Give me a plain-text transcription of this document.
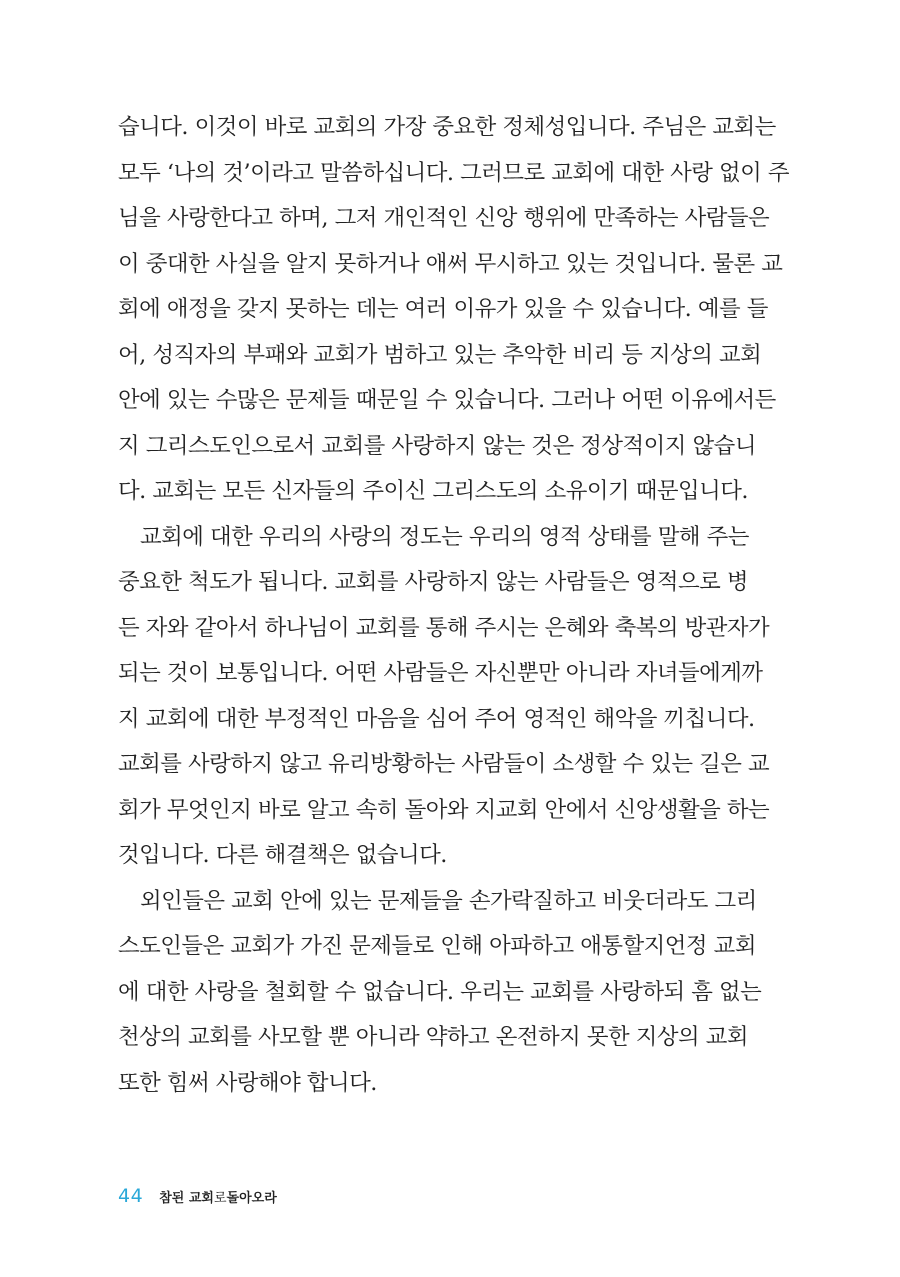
습니다. 이것이 바로 교회의 가장 중요한 정체성입니다. 주님은 교회는
모두 ‘나의 것’이라고 말씀하십니다. 그러므로 교회에 대한 사랑 없이 주
님을 사랑한다고 하며, 그저 개인적인 신앙 행위에 만족하는 사람들은
이 중대한 사실을 알지 못하거나 애써 무시하고 있는 것입니다. 물론 교
회에 애정을 갖지 못하는 데는 여러 이유가 있을 수 있습니다. 예를 들
어, 성직자의 부패와 교회가 범하고 있는 추악한 비리 등 지상의 교회
안에 있는 수많은 문제들 때문일 수 있습니다. 그러나 어떤 이유에서든
지 그리스도인으로서 교회를 사랑하지 않는 것은 정상적이지 않습니
다. 교회는 모든 신자들의 주이신 그리스도의 소유이기 때문입니다.
교회에 대한 우리의 사랑의 정도는 우리의 영적 상태를 말해 주는
중요한 척도가 됩니다. 교회를 사랑하지 않는 사람들은 영적으로 병
든 자와 같아서 하나님이 교회를 통해 주시는 은혜와 축복의 방관자가
되는 것이 보통입니다. 어떤 사람들은 자신뿐만 아니라 자녀들에게까
지 교회에 대한 부정적인 마음을 심어 주어 영적인 해악을 끼칩니다.
교회를 사랑하지 않고 유리방황하는 사람들이 소생할 수 있는 길은 교
회가 무엇인지 바로 알고 속히 돌아와 지교회 안에서 신앙생활을 하는
것입니다. 다른 해결책은 없습니다.
외인들은 교회 안에 있는 문제들을 손가락질하고 비웃더라도 그리
스도인들은 교회가 가진 문제들로 인해 아파하고 애통할지언정 교회
에 대한 사랑을 철회할 수 없습니다. 우리는 교회를 사랑하되 흠 없는
천상의 교회를 사모할 뿐 아니라 약하고 온전하지 못한 지상의 교회
또한 힘써 사랑해야 합니다.
44 참된 교회 로 돌아오라
